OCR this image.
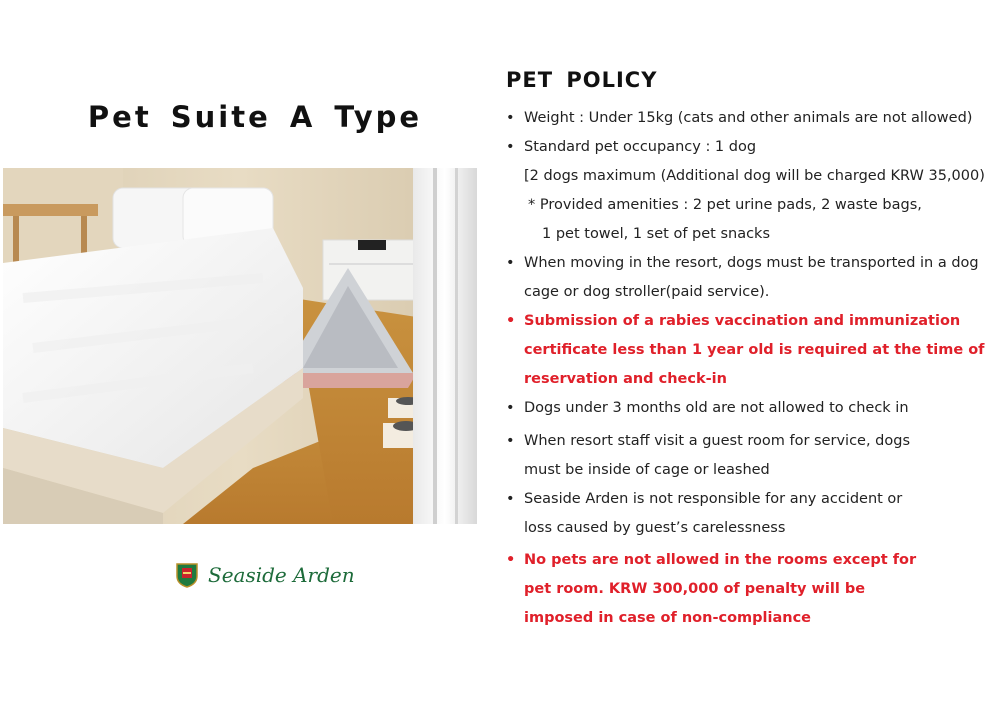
Pet Suite A Type
Seaside Arden
PET POLICY
• Weight : Under 15kg (cats and other animals are not allowed)
• Standard pet occupancy : 1 dog
[2 dogs maximum (Additional dog will be charged KRW 35,000)
* Provided amenities : 2 pet urine pads, 2 waste bags,
1 pet towel, 1 set of pet snacks
• When moving in the resort, dogs must be transported in a dog
cage or dog stroller(paid service).
• Submission of a rabies vaccination and immunization
certificate less than 1 year old is required at the time of
reservation and check-in
• Dogs under 3 months old are not allowed to check in
• When resort staff visit a guest room for service, dogs
must be inside of cage or leashed
• Seaside Arden is not responsible for any accident or
loss caused by guest’s carelessness
• No pets are not allowed in the rooms except for
pet room. KRW 300,000 of penalty will be
imposed in case of non-compliance
